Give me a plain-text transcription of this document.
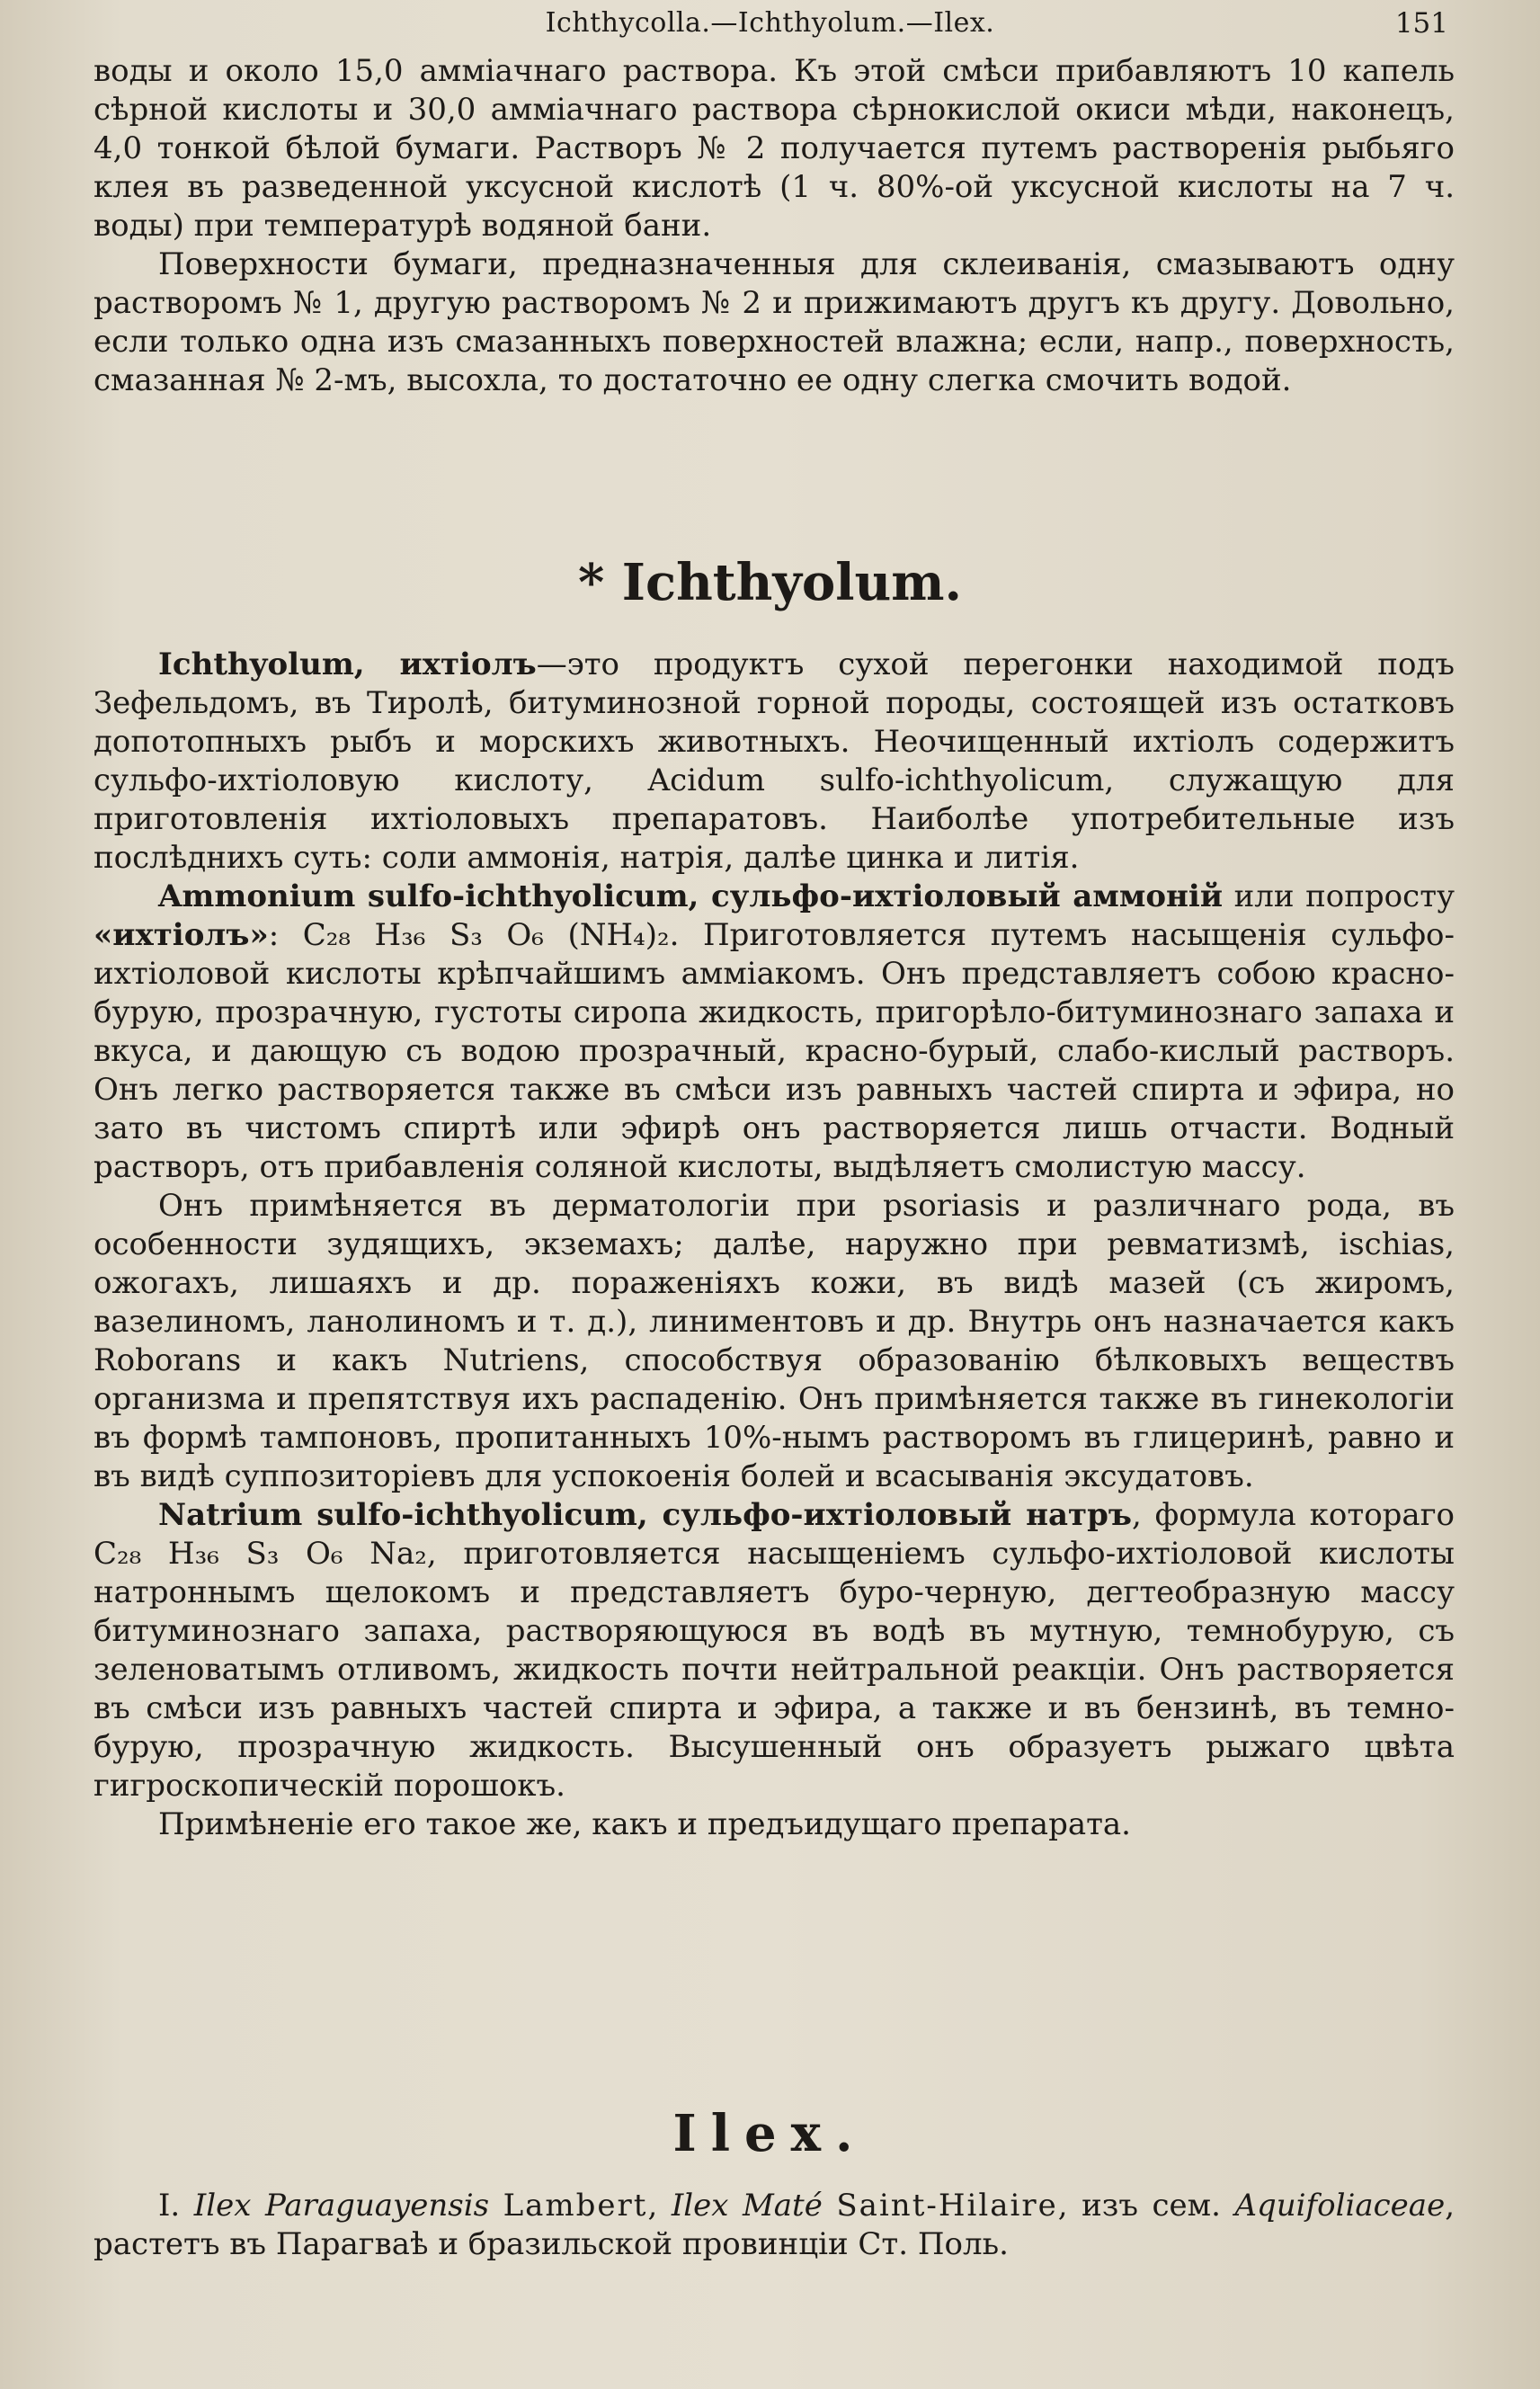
Ichthycolla.—Ichthyolum.—Ilex.	151

воды и около 15,0 амміачнаго раствора. Къ этой смѣси прибавляютъ 10 капель сѣрной кислоты и 30,0 амміачнаго раствора сѣрнокислой окиси мѣди, наконецъ, 4,0 тонкой бѣлой бумаги. Растворъ № 2 получается путемъ растворенія рыбьяго клея въ разведенной уксусной кислотѣ (1 ч. 80%-ой уксусной кислоты на 7 ч. воды) при температурѣ водяной бани.

Поверхности бумаги, предназначенныя для склеиванія, смазываютъ одну растворомъ № 1, другую растворомъ № 2 и прижимаютъ другъ къ другу. Довольно, если только одна изъ смазанныхъ поверхностей влажна; если, напр., поверхность, смазанная № 2-мъ, высохла, то достаточно ее одну слегка смочить водой.

* Ichthyolum.

Ichthyolum, ихтіолъ—это продуктъ сухой перегонки находимой подъ Зефельдомъ, въ Тиролѣ, битуминозной горной породы, состоящей изъ остатковъ допотопныхъ рыбъ и морскихъ животныхъ. Неочищенный ихтіолъ содержитъ сульфо-ихтіоловую кислоту, Acidum sulfo-ichthyolicum, служащую для приготовленія ихтіоловыхъ препаратовъ. Наиболѣе употребительные изъ послѣднихъ суть: соли аммонія, натрія, далѣе цинка и литія.

Ammonium sulfo-ichthyolicum, сульфо-ихтіоловый аммоній или попросту «ихтіолъ»: C₂₈ H₃₆ S₃ O₆ (NH₄)₂. Приготовляется путемъ насыщенія сульфо-ихтіоловой кислоты крѣпчайшимъ амміакомъ. Онъ представляетъ собою красно-бурую, прозрачную, густоты сиропа жидкость, пригорѣло-битуминознаго запаха и вкуса, и дающую съ водою прозрачный, красно-бурый, слабо-кислый растворъ. Онъ легко растворяется также въ смѣси изъ равныхъ частей спирта и эфира, но зато въ чистомъ спиртѣ или эфирѣ онъ растворяется лишь отчасти. Водный растворъ, отъ прибавленія соляной кислоты, выдѣляетъ смолистую массу.

Онъ примѣняется въ дерматологіи при psoriasis и различнаго рода, въ особенности зудящихъ, экземахъ; далѣе, наружно при ревматизмѣ, ischias, ожогахъ, лишаяхъ и др. пораженіяхъ кожи, въ видѣ мазей (съ жиромъ, вазелиномъ, ланолиномъ и т. д.), линиментовъ и др. Внутрь онъ назначается какъ Roborans и какъ Nutriens, способствуя образованію бѣлковыхъ веществъ организма и препятствуя ихъ распаденію. Онъ примѣняется также въ гинекологіи въ формѣ тампоновъ, пропитанныхъ 10%-нымъ растворомъ въ глицеринѣ, равно и въ видѣ суппозиторіевъ для успокоенія болей и всасыванія эксудатовъ.

Natrium sulfo-ichthyolicum, сульфо-ихтіоловый натръ, формула котораго C₂₈ H₃₆ S₃ O₆ Na₂, приготовляется насыщеніемъ сульфо-ихтіоловой кислоты натроннымъ щелокомъ и представляетъ буро-черную, дегтеобразную массу битуминознаго запаха, растворяющуюся въ водѣ въ мутную, темнобурую, съ зеленоватымъ отливомъ, жидкость почти нейтральной реакціи. Онъ растворяется въ смѣси изъ равныхъ частей спирта и эфира, а также и въ бензинѣ, въ темно-бурую, прозрачную жидкость. Высушенный онъ образуетъ рыжаго цвѣта гигроскопическій порошокъ.

Примѣненіе его такое же, какъ и предъидущаго препарата.

Ilex.

I. Ilex Paraguayensis Lambert, Ilex Maté Saint-Hilaire, изъ сем. Aquifoliaceae, растетъ въ Парагваѣ и бразильской провинціи Ст. Поль.
